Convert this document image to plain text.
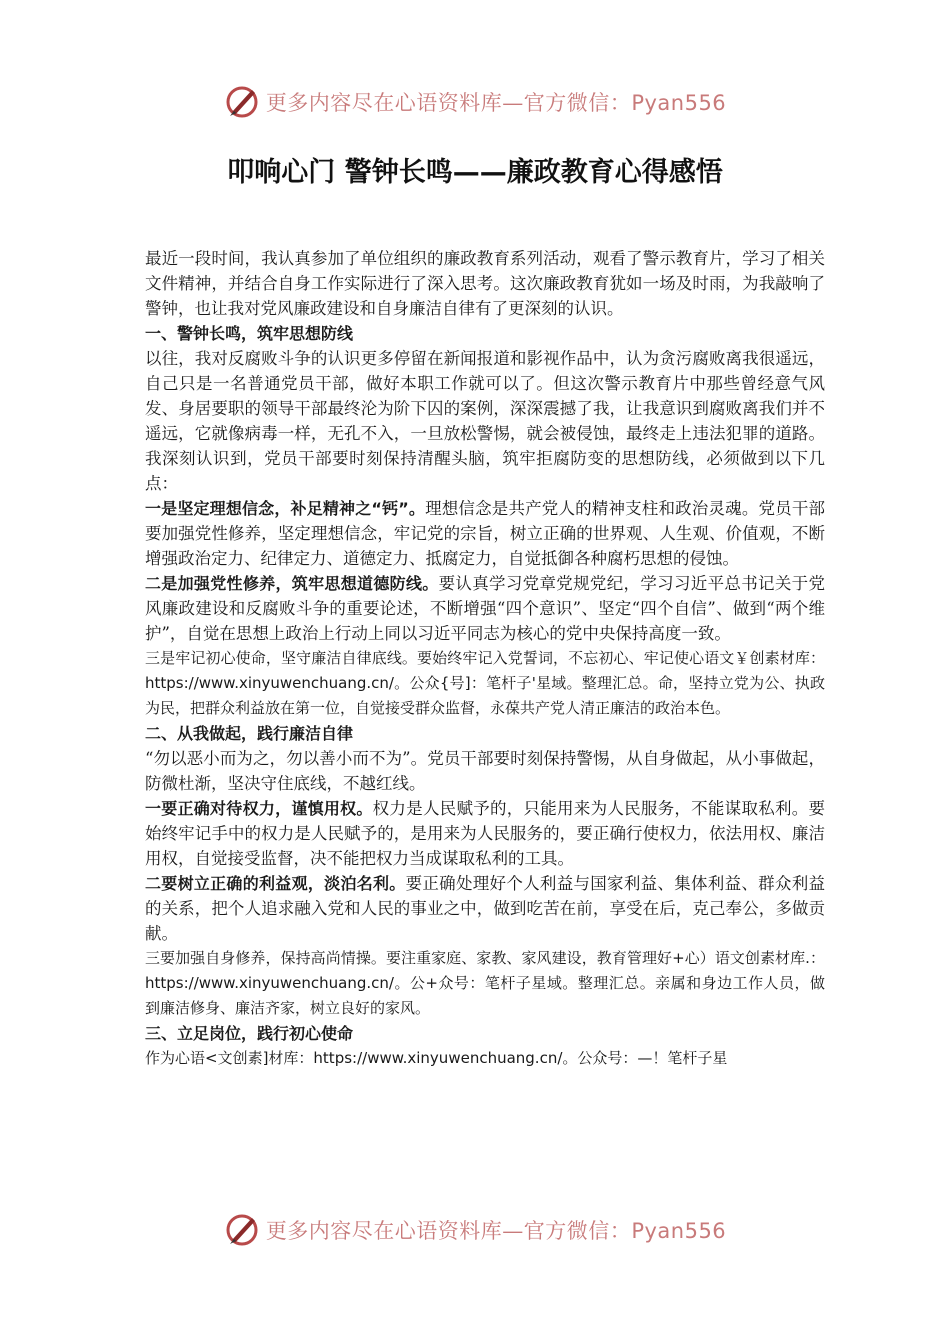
更多内容尽在心语资料库—官方微信：Pyan556
叩响心门 警钟长鸣——廉政教育心得感悟

最近一段时间，我认真参加了单位组织的廉政教育系列活动，观看了警示教育片，学习了相关文件精神，并结合自身工作实际进行了深入思考。这次廉政教育犹如一场及时雨，为我敲响了警钟，也让我对党风廉政建设和自身廉洁自律有了更深刻的认识。

一、警钟长鸣，筑牢思想防线

以往，我对反腐败斗争的认识更多停留在新闻报道和影视作品中，认为贪污腐败离我很遥远，自己只是一名普通党员干部，做好本职工作就可以了。但这次警示教育片中那些曾经意气风发、身居要职的领导干部最终沦为阶下囚的案例，深深震撼了我，让我意识到腐败离我们并不遥远，它就像病毒一样，无孔不入，一旦放松警惕，就会被侵蚀，最终走上违法犯罪的道路。我深刻认识到，党员干部要时刻保持清醒头脑，筑牢拒腐防变的思想防线，必须做到以下几点：

一是坚定理想信念，补足精神之“钙”。理想信念是共产党人的精神支柱和政治灵魂。党员干部要加强党性修养，坚定理想信念，牢记党的宗旨，树立正确的世界观、人生观、价值观，不断增强政治定力、纪律定力、道德定力、抵腐定力，自觉抵御各种腐朽思想的侵蚀。

二是加强党性修养，筑牢思想道德防线。要认真学习党章党规党纪，学习习近平总书记关于党风廉政建设和反腐败斗争的重要论述，不断增强“四个意识”、坚定“四个自信”、做到“两个维护”，自觉在思想上政治上行动上同以习近平同志为核心的党中央保持高度一致。

三是牢记初心使命，坚守廉洁自律底线。要始终牢记入党誓词，不忘初心、牢记使心语文￥创素材库：https://www.xinyuwenchuang.cn/。公众{号]：笔杆子'星域。整理汇总。命，坚持立党为公、执政为民，把群众利益放在第一位，自觉接受群众监督，永葆共产党人清正廉洁的政治本色。

二、从我做起，践行廉洁自律

“勿以恶小而为之，勿以善小而不为”。党员干部要时刻保持警惕，从自身做起，从小事做起，防微杜渐，坚决守住底线，不越红线。

一要正确对待权力，谨慎用权。权力是人民赋予的，只能用来为人民服务，不能谋取私利。要始终牢记手中的权力是人民赋予的，是用来为人民服务的，要正确行使权力，依法用权、廉洁用权，自觉接受监督，决不能把权力当成谋取私利的工具。

二要树立正确的利益观，淡泊名利。要正确处理好个人利益与国家利益、集体利益、群众利益的关系，把个人追求融入党和人民的事业之中，做到吃苦在前，享受在后，克己奉公，多做贡献。

三要加强自身修养，保持高尚情操。要注重家庭、家教、家风建设，教育管理好+心）语文创素材库.：https://www.xinyuwenchuang.cn/。公+众号：笔杆子星域。整理汇总。亲属和身边工作人员，做到廉洁修身、廉洁齐家，树立良好的家风。

三、立足岗位，践行初心使命

作为心语<文创素]材库：https://www.xinyuwenchuang.cn/。公众号：—！笔杆子星

更多内容尽在心语资料库—官方微信：Pyan556
